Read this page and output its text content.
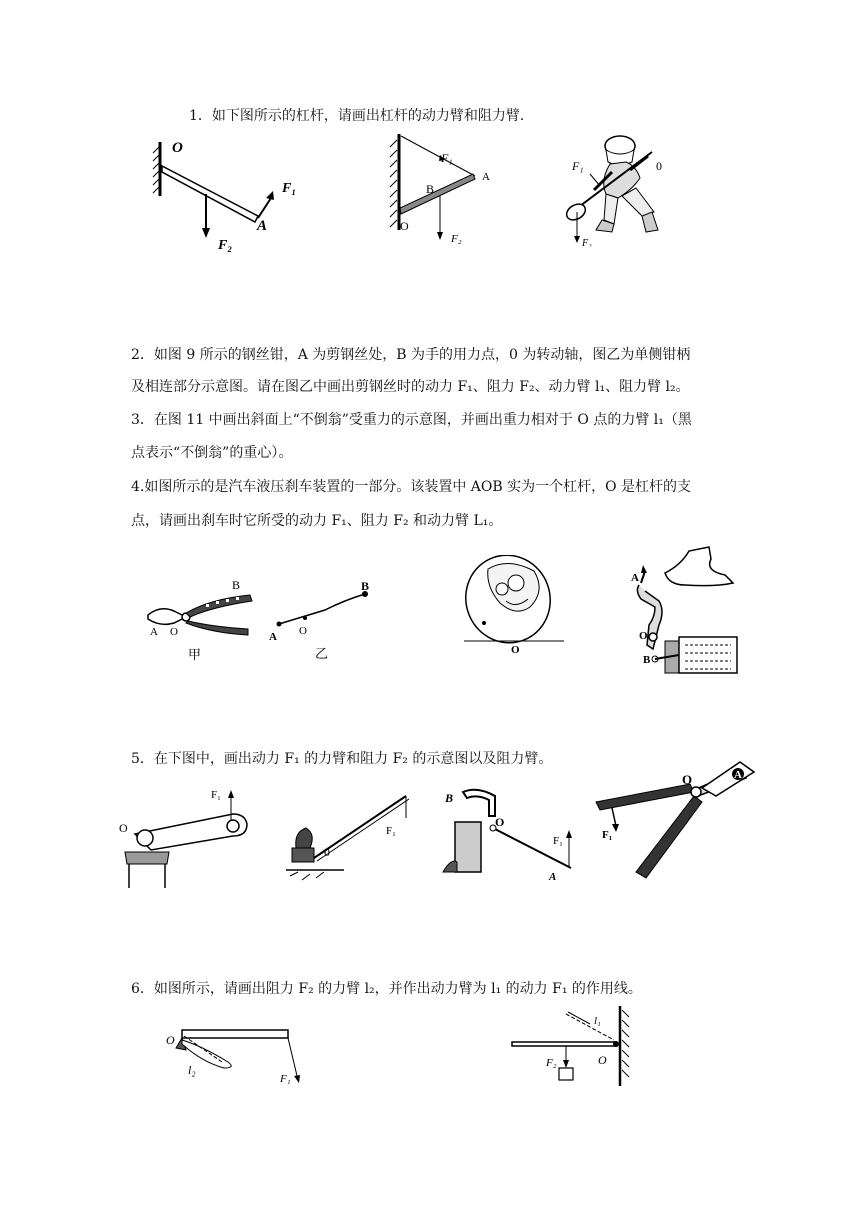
1．如下图所示的杠杆，请画出杠杆的动力臂和阻力臂．
2．如图 9 所示的钢丝钳，A 为剪钢丝处，B 为手的用力点，0 为转动轴，图乙为单侧钳柄
及相连部分示意图。请在图乙中画出剪钢丝时的动力 F₁、阻力 F₂、动力臂 l₁、阻力臂 l₂。
3．在图 11 中画出斜面上“不倒翁”受重力的示意图，并画出重力相对于 O 点的力臂 l₁（黑
点表示“不倒翁”的重心）。
4.如图所示的是汽车液压刹车装置的一部分。该装置中 AOB 实为一个杠杆，O 是杠杆的支
点，请画出刹车时它所受的动力 F₁、阻力 F₂ 和动力臂 L₁。
5．在下图中，画出动力 F₁ 的力臂和阻力 F₂ 的示意图以及阻力臂。
6．如图所示，请画出阻力 F₂ 的力臂 l₂，并作出动力臂为 l₁ 的动力 F₁ 的作用线。
O
F₁
A
F₂
F₁
A
B
O
F₂
F₁	0
F₂
B
A O
甲
B
A O
乙	O
A
O
B
F₁
O	F₁
0
B
O
F₁
A
O	A
F₁
O
l₂
F₁
l₁
F₂	O
